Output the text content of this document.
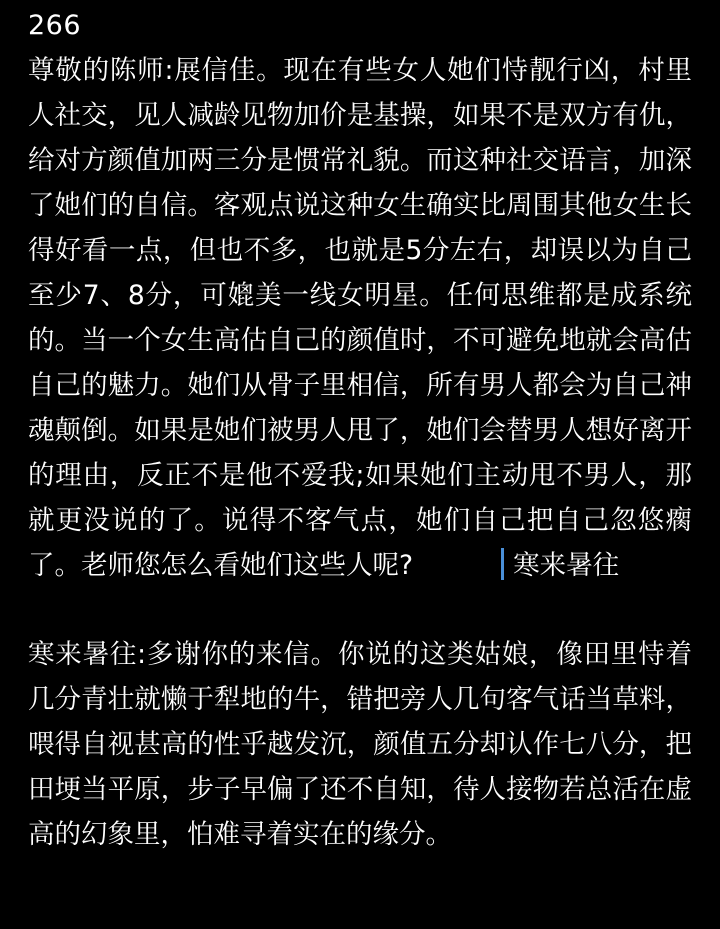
266
尊敬的陈师:展信佳。现在有些女人她们恃靓行凶，村里人社交，见人减龄见物加价是基操，如果不是双方有仇，给对方颜值加两三分是惯常礼貌。而这种社交语言，加深了她们的自信。客观点说这种女生确实比周围其他女生长得好看一点，但也不多，也就是5分左右，却误以为自己至少7、8分，可媲美一线女明星。任何思维都是成系统的。当一个女生高估自己的颜值时，不可避免地就会高估自己的魅力。她们从骨子里相信，所有男人都会为自己神魂颠倒。如果是她们被男人甩了，她们会替男人想好离开的理由，反正不是他不爱我;如果她们主动甩不男人，那就更没说的了。说得不客气点，她们自己把自己忽悠瘸了。老师您怎么看她们这些人呢?	寒来暑往
寒来暑往:多谢你的来信。你说的这类姑娘，像田里恃着几分青壮就懒于犁地的牛，错把旁人几句客气话当草料，喂得自视甚高的性乎越发沉，颜值五分却认作七八分，把田埂当平原，步子早偏了还不自知，待人接物若总活在虚高的幻象里，怕难寻着实在的缘分。
